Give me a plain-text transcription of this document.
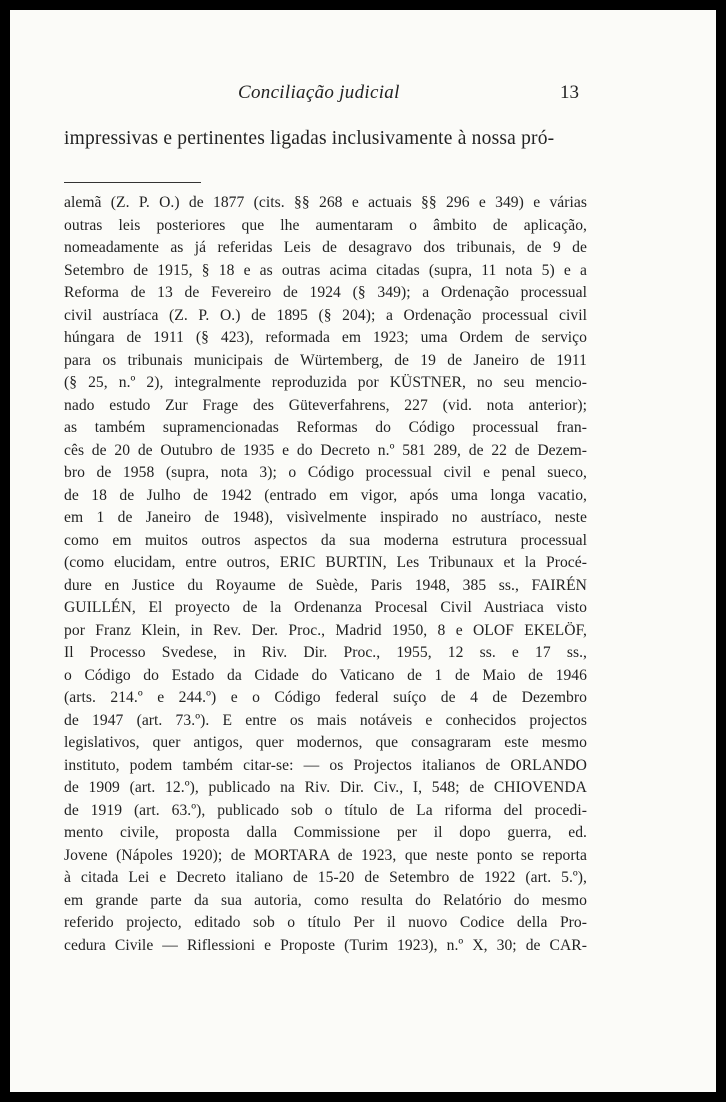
Conciliação judicial	13
impressivas e pertinentes ligadas inclusivamente à nossa pró-
alemã (Z. P. O.) de 1877 (cits. §§ 268 e actuais §§ 296 e 349) e várias
outras leis posteriores que lhe aumentaram o âmbito de aplicação,
nomeadamente as já referidas Leis de desagravo dos tribunais, de 9 de
Setembro de 1915, § 18 e as outras acima citadas (supra, 11 nota 5) e a
Reforma de 13 de Fevereiro de 1924 (§ 349); a Ordenação processual
civil austríaca (Z. P. O.) de 1895 (§ 204); a Ordenação processual civil
húngara de 1911 (§ 423), reformada em 1923; uma Ordem de serviço
para os tribunais municipais de Würtemberg, de 19 de Janeiro de 1911
(§ 25, n.º 2), integralmente reproduzida por KÜSTNER, no seu mencio-
nado estudo Zur Frage des Güteverfahrens, 227 (vid. nota anterior);
as também supramencionadas Reformas do Código processual fran-
cês de 20 de Outubro de 1935 e do Decreto n.º 581 289, de 22 de Dezem-
bro de 1958 (supra, nota 3); o Código processual civil e penal sueco,
de 18 de Julho de 1942 (entrado em vigor, após uma longa vacatio,
em 1 de Janeiro de 1948), visìvelmente inspirado no austríaco, neste
como em muitos outros aspectos da sua moderna estrutura processual
(como elucidam, entre outros, ERIC BURTIN, Les Tribunaux et la Procé-
dure en Justice du Royaume de Suède, Paris 1948, 385 ss., FAIRÉN
GUILLÉN, El proyecto de la Ordenanza Procesal Civil Austriaca visto
por Franz Klein, in Rev. Der. Proc., Madrid 1950, 8 e OLOF EKELÖF,
Il Processo Svedese, in Riv. Dir. Proc., 1955, 12 ss. e 17 ss.,
o Código do Estado da Cidade do Vaticano de 1 de Maio de 1946
(arts. 214.º e 244.º) e o Código federal suíço de 4 de Dezembro
de 1947 (art. 73.º). E entre os mais notáveis e conhecidos projectos
legislativos, quer antigos, quer modernos, que consagraram este mesmo
instituto, podem também citar-se: — os Projectos italianos de ORLANDO
de 1909 (art. 12.º), publicado na Riv. Dir. Civ., I, 548; de CHIOVENDA
de 1919 (art. 63.º), publicado sob o título de La riforma del procedi-
mento civile, proposta dalla Commissione per il dopo guerra, ed.
Jovene (Nápoles 1920); de MORTARA de 1923, que neste ponto se reporta
à citada Lei e Decreto italiano de 15-20 de Setembro de 1922 (art. 5.º),
em grande parte da sua autoria, como resulta do Relatório do mesmo
referido projecto, editado sob o título Per il nuovo Codice della Pro-
cedura Civile — Riflessioni e Proposte (Turim 1923), n.º X, 30; de CAR-
